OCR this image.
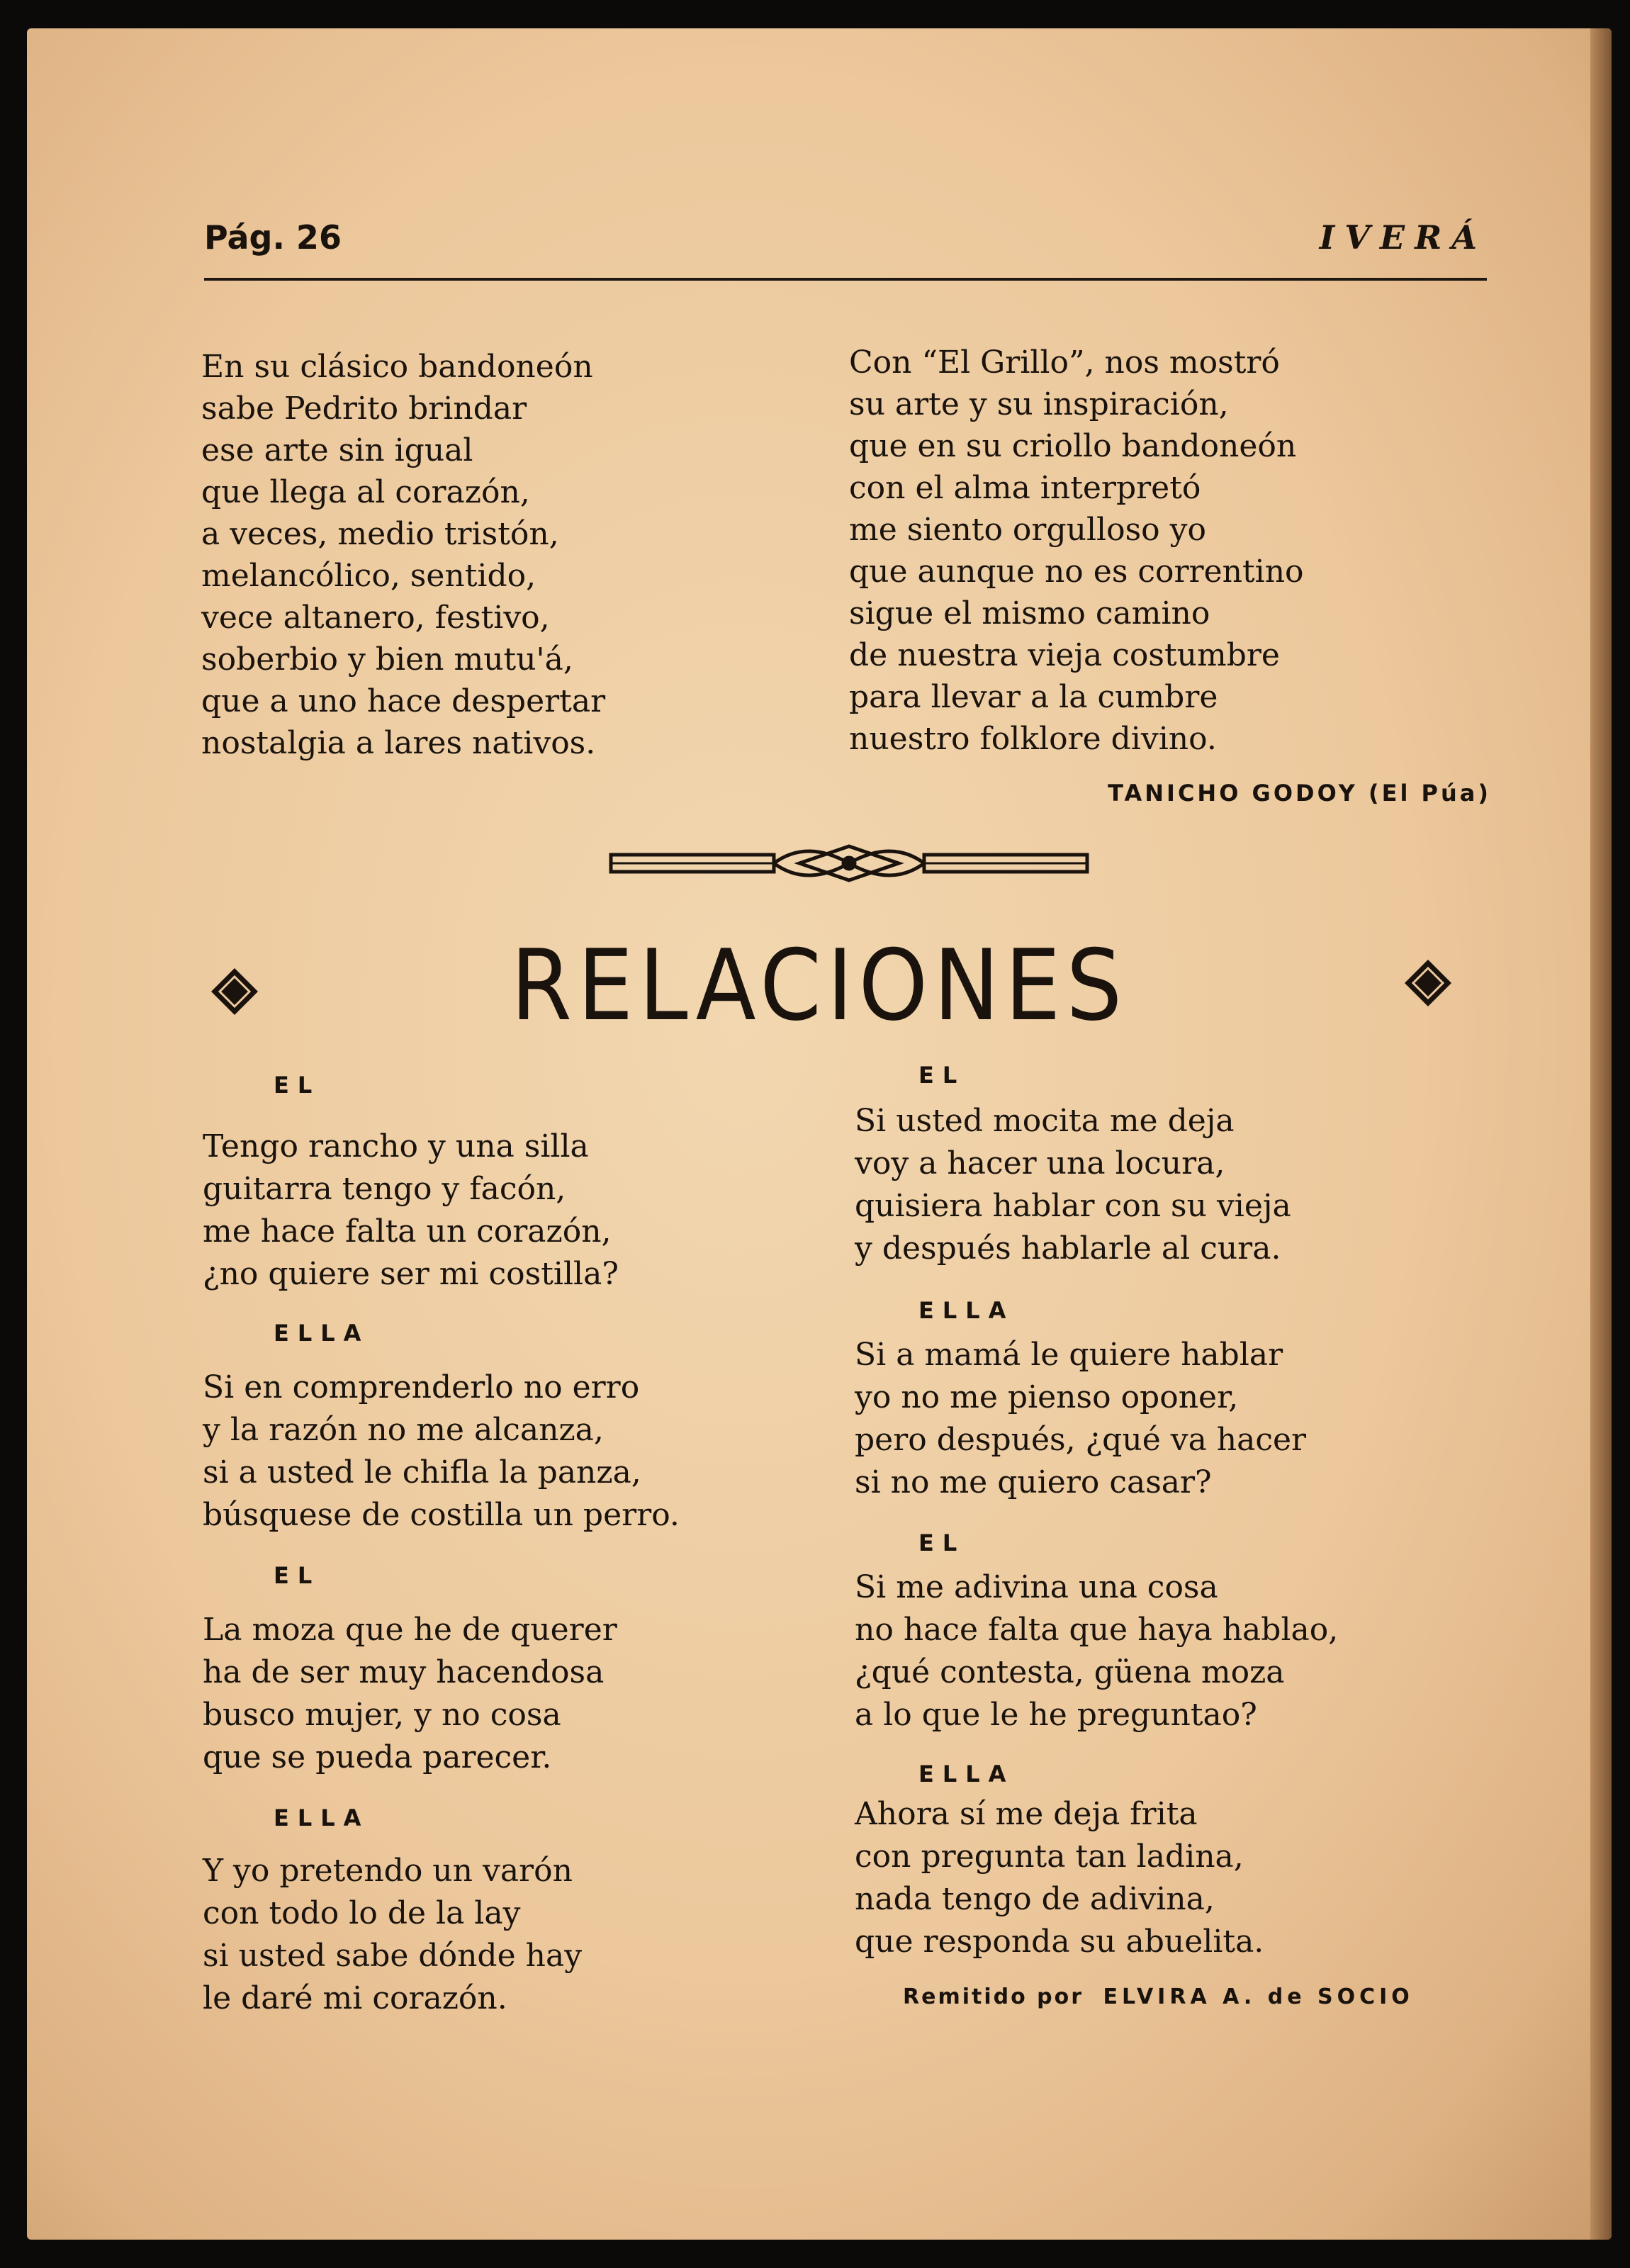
Pág. 26	IVERÁ
En su clásico bandoneón
sabe Pedrito brindar
ese arte sin igual
que llega al corazón,
a veces, medio tristón,
melancólico, sentido,
vece altanero, festivo,
soberbio y bien mutu'á,
que a uno hace despertar
nostalgia a lares nativos.
Con “El Grillo”, nos mostró
su arte y su inspiración,
que en su criollo bandoneón
con el alma interpretó
me siento orgulloso yo
que aunque no es correntino
sigue el mismo camino
de nuestra vieja costumbre
para llevar a la cumbre
nuestro folklore divino.
TANICHO GODOY (El Púa)
RELACIONES
EL
Tengo rancho y una silla
guitarra tengo y facón,
me hace falta un corazón,
¿no quiere ser mi costilla?
ELLA
Si en comprenderlo no erro
y la razón no me alcanza,
si a usted le chifla la panza,
búsquese de costilla un perro.
EL
La moza que he de querer
ha de ser muy hacendosa
busco mujer, y no cosa
que se pueda parecer.
ELLA
Y yo pretendo un varón
con todo lo de la lay
si usted sabe dónde hay
le daré mi corazón.
EL
Si usted mocita me deja
voy a hacer una locura,
quisiera hablar con su vieja
y después hablarle al cura.
ELLA
Si a mamá le quiere hablar
yo no me pienso oponer,
pero después, ¿qué va hacer
si no me quiero casar?
EL
Si me adivina una cosa
no hace falta que haya hablao,
¿qué contesta, güena moza
a lo que le he preguntao?
ELLA
Ahora sí me deja frita
con pregunta tan ladina,
nada tengo de adivina,
que responda su abuelita.
Remitido por ELVIRA A. de SOCIO
